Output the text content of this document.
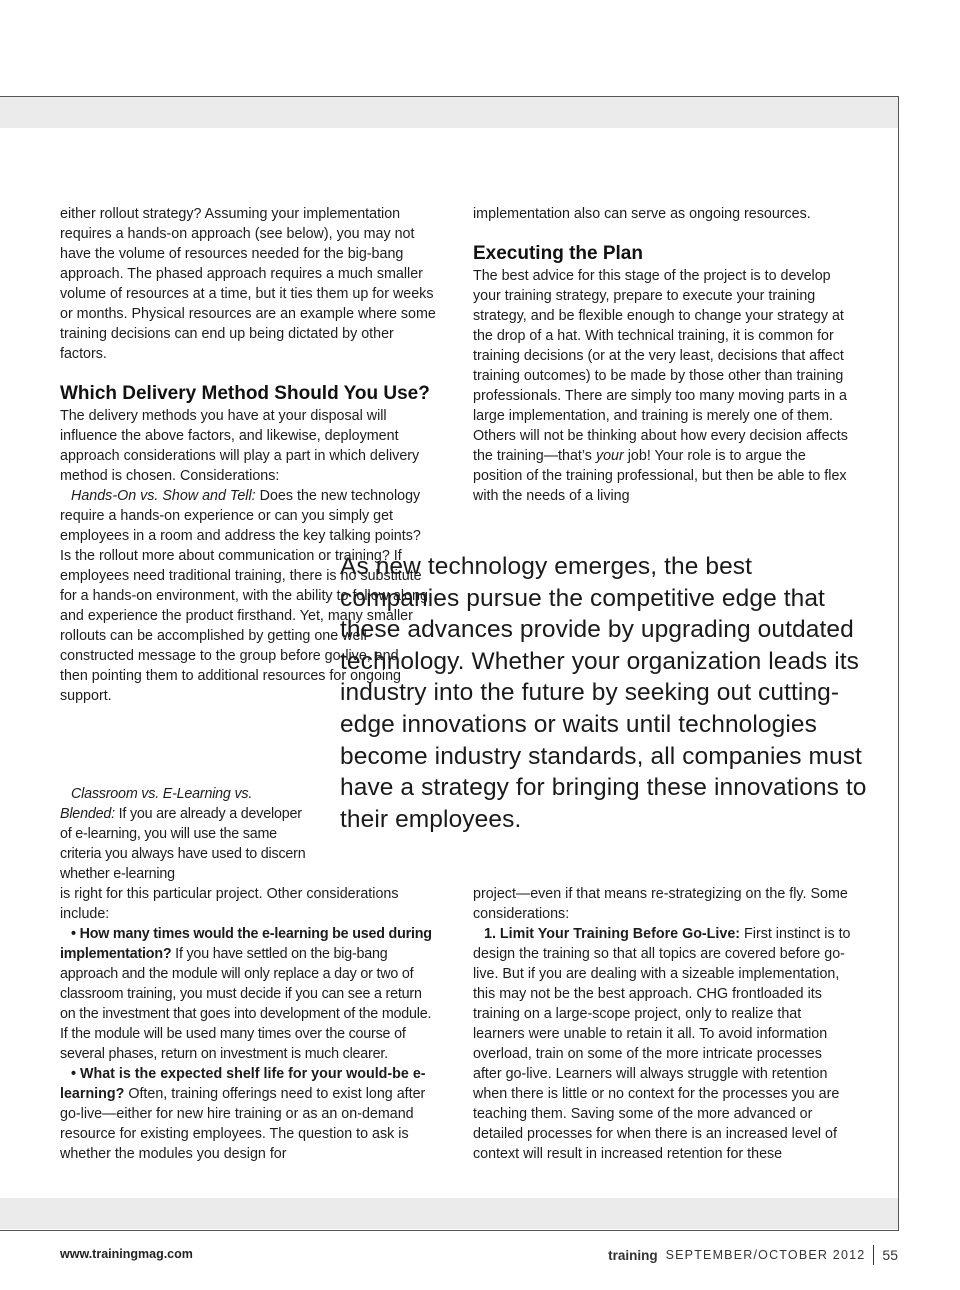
either rollout strategy? Assuming your implementation requires a hands-on approach (see below), you may not have the volume of resources needed for the big-bang approach. The phased approach requires a much smaller volume of resources at a time, but it ties them up for weeks or months. Physical resources are an example where some training decisions can end up being dictated by other factors.

Which Delivery Method Should You Use?

The delivery methods you have at your disposal will influence the above factors, and likewise, deployment approach considerations will play a part in which delivery method is chosen. Considerations:

Hands-On vs. Show and Tell: Does the new technology require a hands-on experience or can you simply get employees in a room and address the key talking points? Is the rollout more about communication or training? If employees need traditional training, there is no substitute for a hands-on environment, with the ability to follow along and experience the product firsthand. Yet, many smaller rollouts can be accomplished by getting one well-constructed message to the group before go-live, and then pointing them to additional resources for ongoing support.

Classroom vs. E-Learning vs. Blended: If you are already a developer of e-learning, you will use the same criteria you always have used to discern whether e-learning

is right for this particular project. Other considerations include:

• How many times would the e-learning be used during implementation? If you have settled on the big-bang approach and the module will only replace a day or two of classroom training, you must decide if you can see a return on the investment that goes into development of the module. If the module will be used many times over the course of several phases, return on investment is much clearer.

• What is the expected shelf life for your would-be e-learning? Often, training offerings need to exist long after go-live—either for new hire training or as an on-demand resource for existing employees. The question to ask is whether the modules you design for

implementation also can serve as ongoing resources.

Executing the Plan

The best advice for this stage of the project is to develop your training strategy, prepare to execute your training strategy, and be flexible enough to change your strategy at the drop of a hat. With technical training, it is common for training decisions (or at the very least, decisions that affect training outcomes) to be made by those other than training professionals. There are simply too many moving parts in a large implementation, and training is merely one of them. Others will not be thinking about how every decision affects the training—that’s your job! Your role is to argue the position of the training professional, but then be able to flex with the needs of a living

project—even if that means re-strategizing on the fly. Some considerations:

1. Limit Your Training Before Go-Live: First instinct is to design the training so that all topics are covered before go-live. But if you are dealing with a sizeable implementation, this may not be the best approach. CHG frontloaded its training on a large-scope project, only to realize that learners were unable to retain it all. To avoid information overload, train on some of the more intricate processes after go-live. Learners will always struggle with retention when there is little or no context for the processes you are teaching them. Saving some of the more advanced or detailed processes for when there is an increased level of context will result in increased retention for these

As new technology emerges, the best companies pursue the competitive edge that these advances provide by upgrading outdated technology. Whether your organization leads its industry into the future by seeking out cutting-edge innovations or waits until technologies become industry standards, all companies must have a strategy for bringing these innovations to their employees.
www.trainingmag.com	training SEPTEMBER/OCTOBER 2012 55
